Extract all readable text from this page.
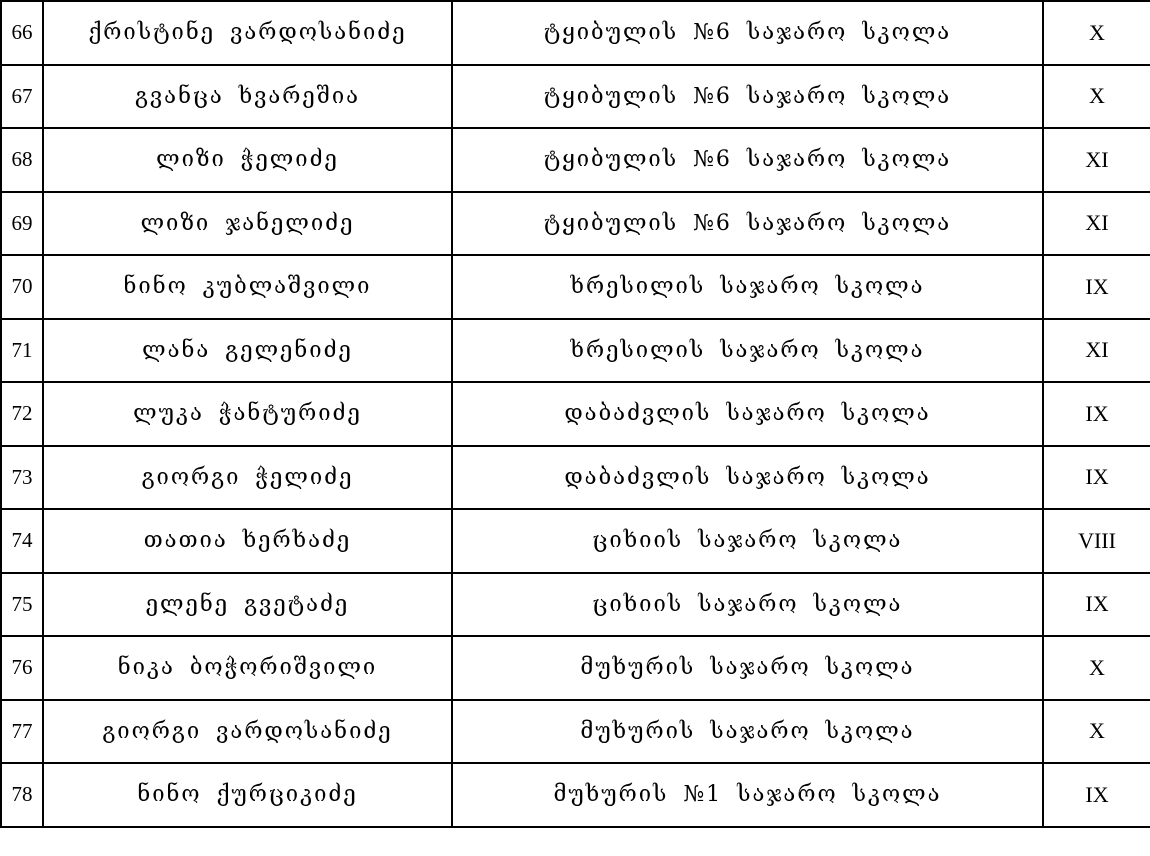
66	ქრისტინე ვარდოსანიძე	ტყიბულის №6 საჯარო სკოლა	X
67	გვანცა ხვარეშია	ტყიბულის №6 საჯარო სკოლა	X
68	ლიზი ჭელიძე	ტყიბულის №6 საჯარო სკოლა	XI
69	ლიზი ჯანელიძე	ტყიბულის №6 საჯარო სკოლა	XI
70	ნინო კუბლაშვილი	ხრესილის საჯარო სკოლა	IX
71	ლანა გელენიძე	ხრესილის საჯარო სკოლა	XI
72	ლუკა ჭანტურიძე	დაბაძვლის საჯარო სკოლა	IX
73	გიორგი ჭელიძე	დაბაძვლის საჯარო სკოლა	IX
74	თათია ხერხაძე	ციხიის საჯარო სკოლა	VIII
75	ელენე გვეტაძე	ციხიის საჯარო სკოლა	IX
76	ნიკა ბოჭორიშვილი	მუხურის საჯარო სკოლა	X
77	გიორგი ვარდოსანიძე	მუხურის საჯარო სკოლა	X
78	ნინო ქურციკიძე	მუხურის №1 საჯარო სკოლა	IX
